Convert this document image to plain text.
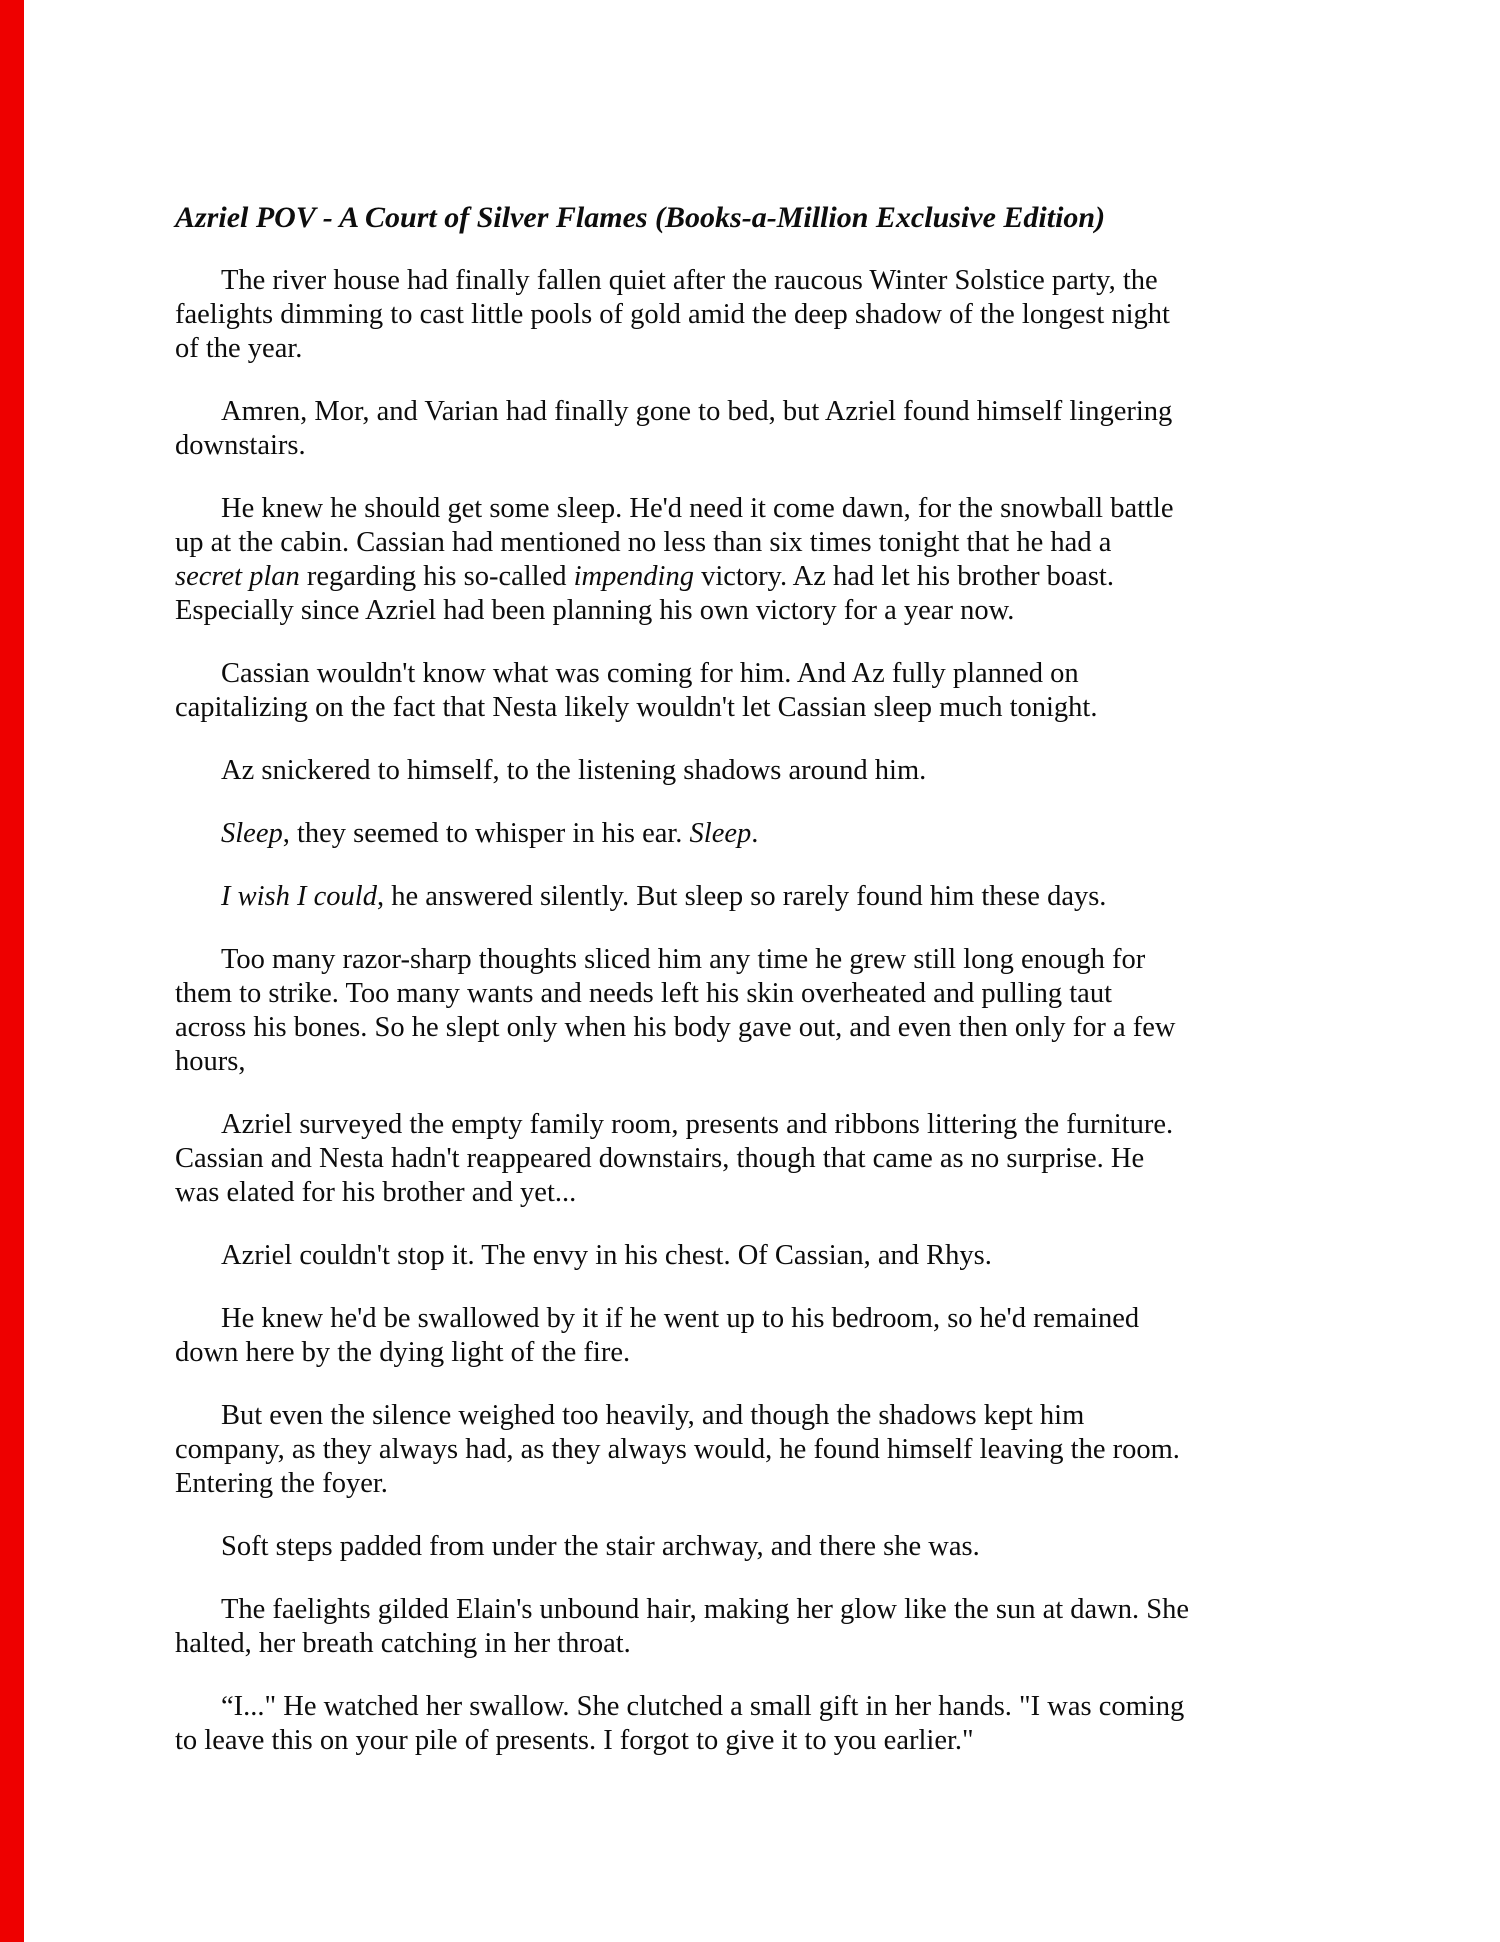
Azriel POV - A Court of Silver Flames (Books-a-Million Exclusive Edition)

The river house had finally fallen quiet after the raucous Winter Solstice party, the
faelights dimming to cast little pools of gold amid the deep shadow of the longest night
of the year.

Amren, Mor, and Varian had finally gone to bed, but Azriel found himself lingering
downstairs.

He knew he should get some sleep. He'd need it come dawn, for the snowball battle
up at the cabin. Cassian had mentioned no less than six times tonight that he had a
secret plan regarding his so-called impending victory. Az had let his brother boast.
Especially since Azriel had been planning his own victory for a year now.

Cassian wouldn't know what was coming for him. And Az fully planned on
capitalizing on the fact that Nesta likely wouldn't let Cassian sleep much tonight.

Az snickered to himself, to the listening shadows around him.

Sleep, they seemed to whisper in his ear. Sleep.

I wish I could, he answered silently. But sleep so rarely found him these days.

Too many razor-sharp thoughts sliced him any time he grew still long enough for
them to strike. Too many wants and needs left his skin overheated and pulling taut
across his bones. So he slept only when his body gave out, and even then only for a few
hours,

Azriel surveyed the empty family room, presents and ribbons littering the furniture.
Cassian and Nesta hadn't reappeared downstairs, though that came as no surprise. He
was elated for his brother and yet...

Azriel couldn't stop it. The envy in his chest. Of Cassian, and Rhys.

He knew he'd be swallowed by it if he went up to his bedroom, so he'd remained
down here by the dying light of the fire.

But even the silence weighed too heavily, and though the shadows kept him
company, as they always had, as they always would, he found himself leaving the room.
Entering the foyer.

Soft steps padded from under the stair archway, and there she was.

The faelights gilded Elain's unbound hair, making her glow like the sun at dawn. She
halted, her breath catching in her throat.

“I..." He watched her swallow. She clutched a small gift in her hands. "I was coming
to leave this on your pile of presents. I forgot to give it to you earlier."
